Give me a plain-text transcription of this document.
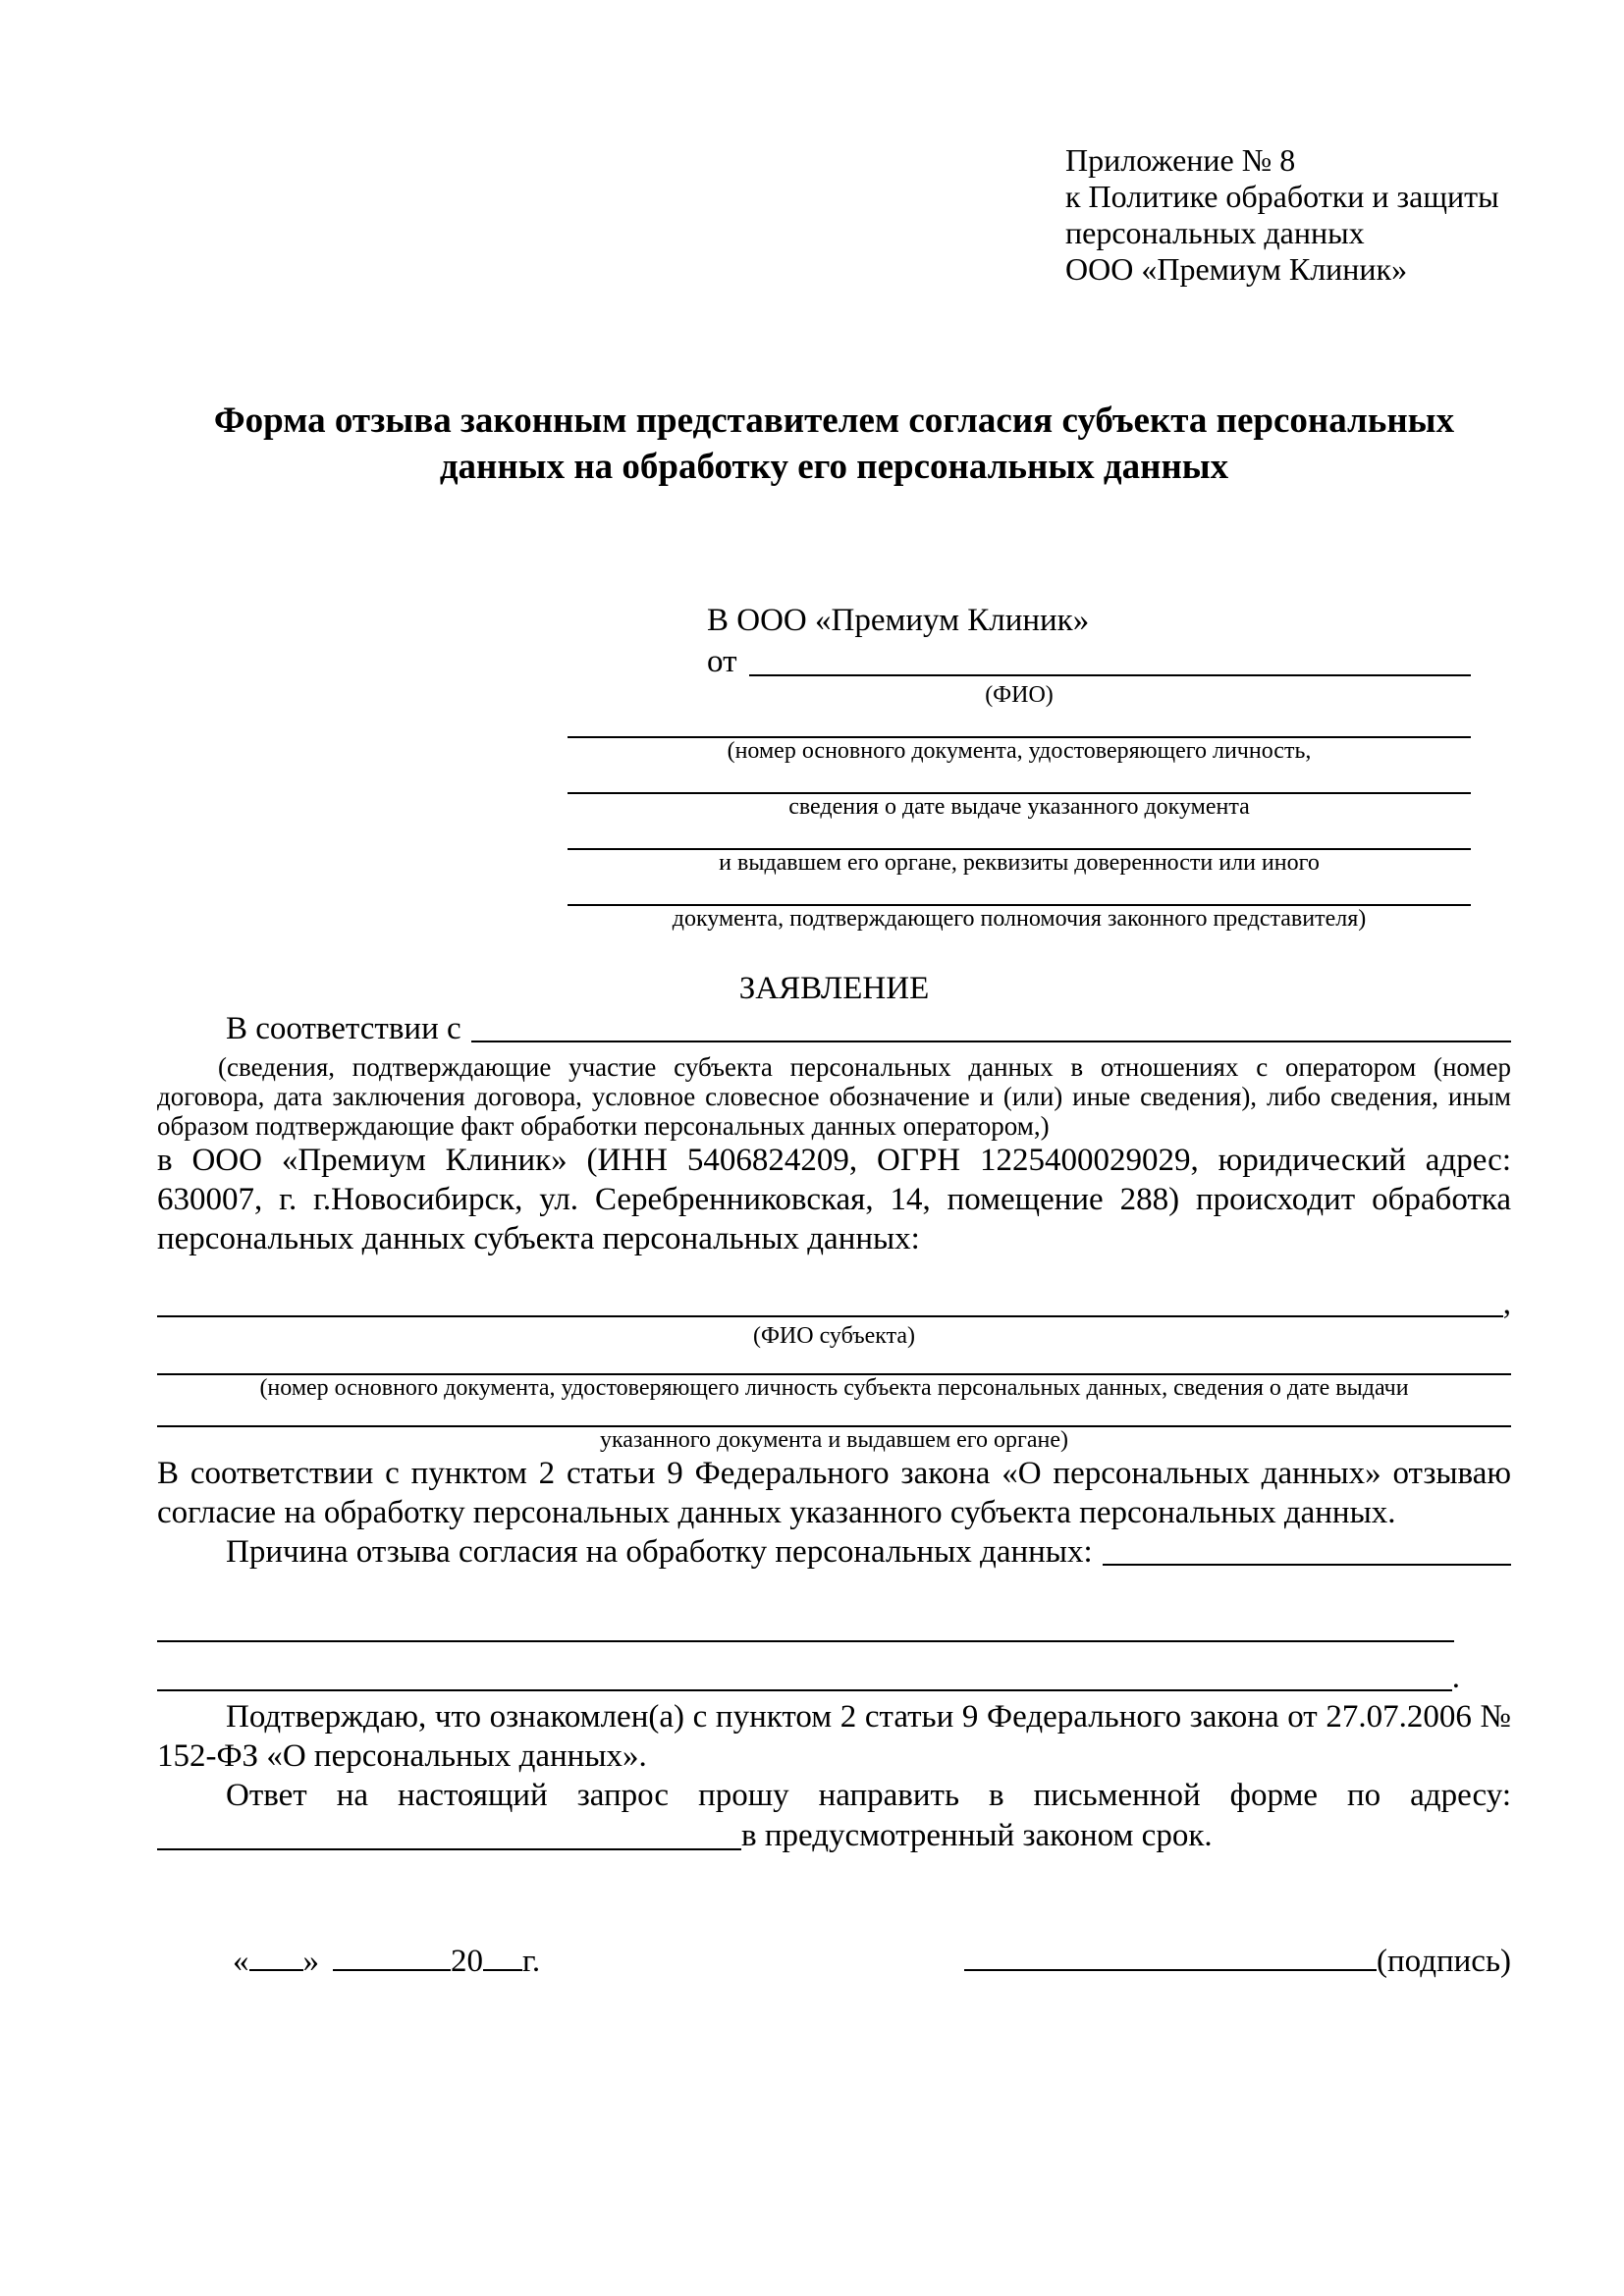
Приложение № 8
к Политике обработки и защиты
персональных данных
ООО «Премиум Клиник»
Форма отзыва законным представителем согласия субъекта персональных данных на обработку его персональных данных
В ООО «Премиум Клиник»
от
(ФИО)
(номер основного документа, удостоверяющего личность,
сведения о дате выдаче указанного документа
и выдавшем его органе, реквизиты доверенности или иного
документа, подтверждающего полномочия законного представителя)
ЗАЯВЛЕНИЕ
В соответствии с
(сведения, подтверждающие участие субъекта персональных данных в отношениях с оператором (номер договора, дата заключения договора, условное словесное обозначение и (или) иные сведения), либо сведения, иным образом подтверждающие факт обработки персональных данных оператором,)
в ООО «Премиум Клиник» (ИНН 5406824209, ОГРН 1225400029029, юридический адрес: 630007, г. г.Новосибирск, ул. Серебренниковская, 14, помещение 288) происходит обработка персональных данных субъекта персональных данных:
,
(ФИО субъекта)
(номер основного документа, удостоверяющего личность субъекта персональных данных, сведения о дате выдачи
указанного документа и выдавшем его органе)
В соответствии с пунктом 2 статьи 9 Федерального закона «О персональных данных» отзываю согласие на обработку персональных данных указанного субъекта персональных данных.
Причина отзыва согласия на обработку персональных данных:
.
Подтверждаю, что ознакомлен(а) с пунктом 2 статьи 9 Федерального закона от 27.07.2006 № 152-ФЗ «О персональных данных».
Ответ на настоящий запрос прошу направить в письменной форме по адресу:
в предусмотренный законом срок.
« »	20 г.	(подпись)
